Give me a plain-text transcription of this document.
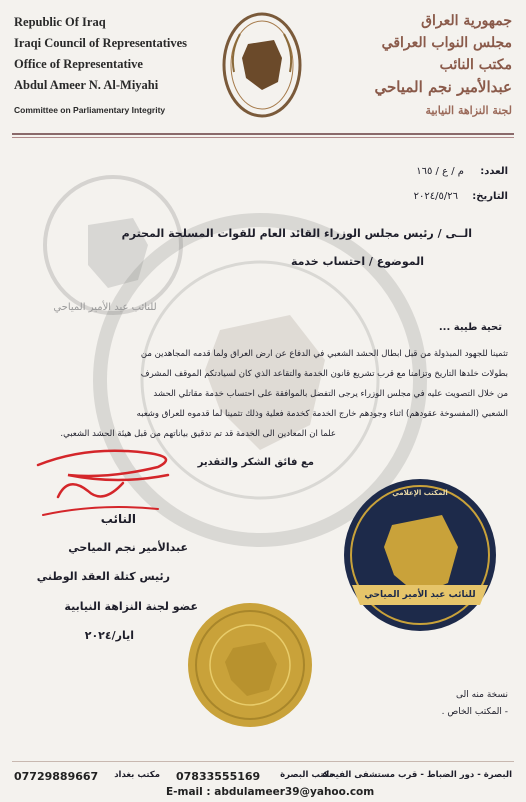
للنائب عبد الأمير المياحي
Republic Of Iraq
Iraqi Council of Representatives
Office of Representative
Abdul Ameer N. Al-Miyahi
Committee on Parliamentary Integrity
جمهورية العراق
مجلس النواب العراقي
مكتب النائب
عبدالأمير نجم المياحي
لجنة النزاهة النيابية
العدد:
م / ع / ١٦٥
التاريخ:
٢٠٢٤/٥/٢٦
الــى / رئيس مجلس الوزراء القائد العام للقوات المسلحة المحترم
الموضوع / احتساب خدمة
تحية طيبة ...
تثمينا للجهود المبذولة من قبل ابطال الحشد الشعبي في الدفاع عن ارض العراق ولما قدمه المجاهدين من
بطولات خلدها التاريخ وتزامنا مع قرب تشريع قانون الخدمة والتقاعد الذي كان لسيادتكم الموقف المشرف
من خلال التصويت عليه في مجلس الوزراء يرجى التفضل بالموافقة على احتساب خدمة مقاتلي الحشد
الشعبي (المفسوخة عقودهم) اثناء وجودهم خارج الخدمة كخدمة فعلية وذلك تثمينا لما قدموه للعراق وشعبه
علما ان المعادين الى الخدمة قد تم تدقيق بياناتهم من قبل هيئة الحشد الشعبي.
مع فائق الشكر والتقدير
النائب
عبدالأمير نجم المياحي
رئيس كتلة العقد الوطني
عضو لجنة النزاهة النيابية
ايار/٢٠٢٤
المكتب الإعلامي
للنائب عبد الأمير المياحي
نسخة منه الى
- المكتب الخاص .
البصرة - دور الضباط - قرب مستشفى الفيحاء
مكتب البصرة
07833555169
مكتب بغداد
07729889667
E-mail : abdulameer39@yahoo.com
